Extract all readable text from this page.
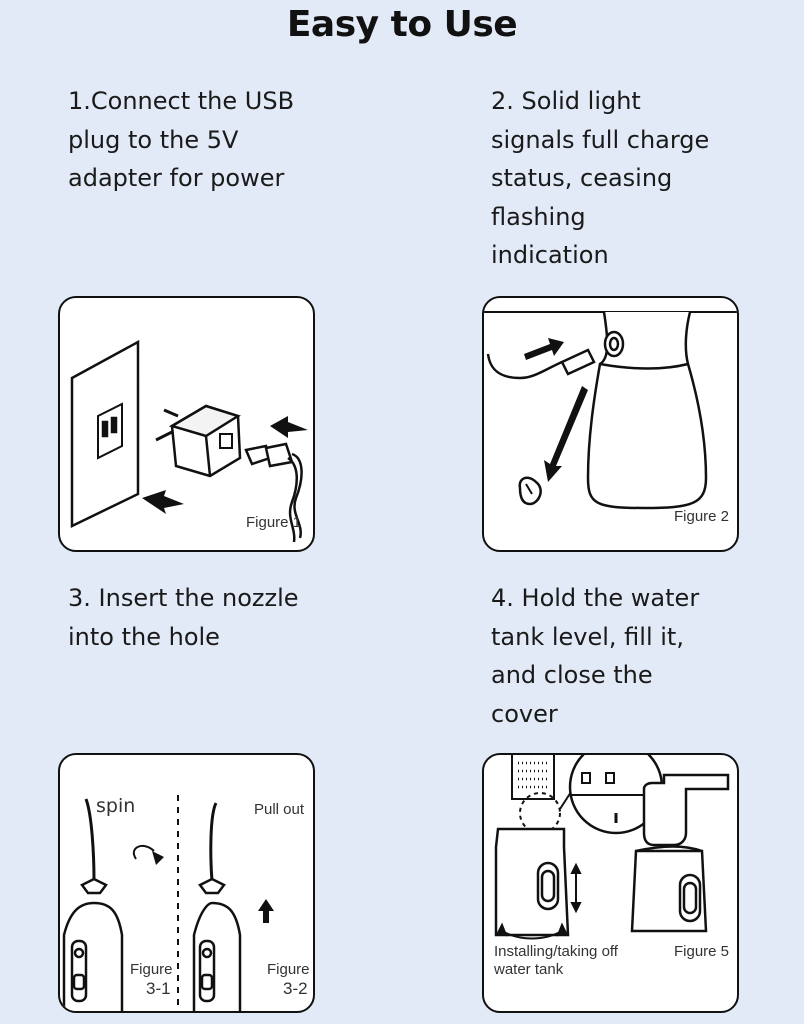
Easy to Use
1.Connect the USB
plug to the 5V
adapter for power
2. Solid light
signals full charge
status, ceasing
flashing
indication
3. Insert the nozzle
into the hole
4. Hold the water
tank level, fill it,
and close the
cover
Figure 1	Figure 2
spin	Pull out
Figure
3-1
Figure
3-2
Installing/taking off
water tank
Figure 5
